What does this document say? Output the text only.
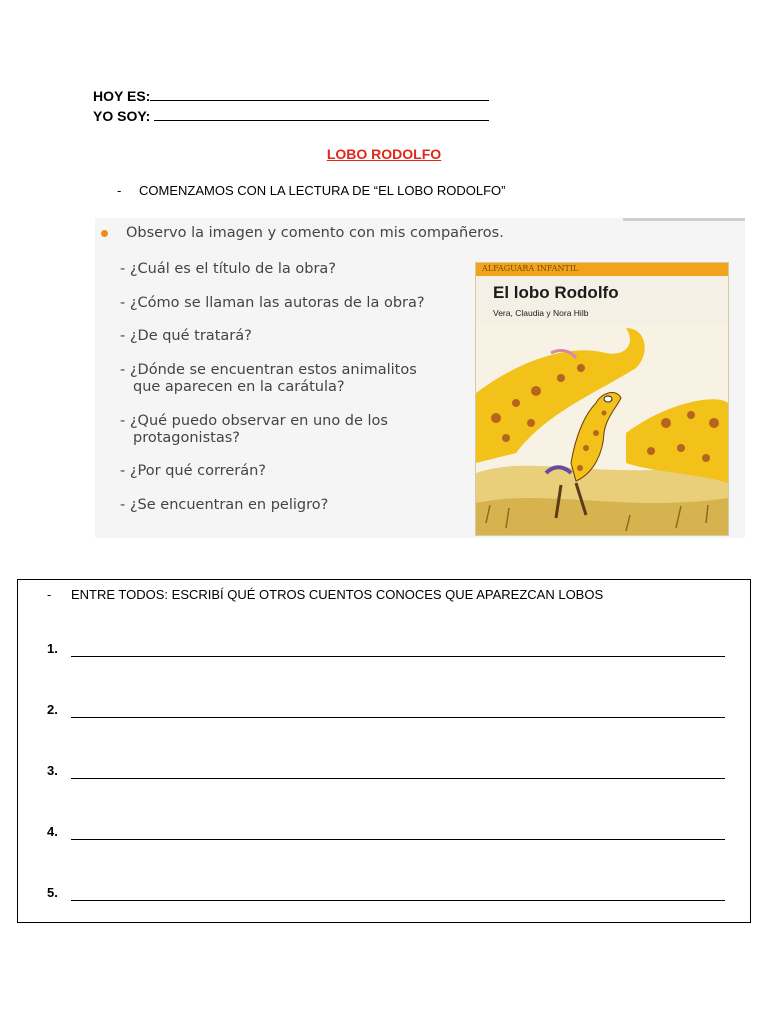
HOY ES:
YO SOY:
LOBO RODOLFO
- COMENZAMOS CON LA LECTURA DE “EL LOBO RODOLFO”
Observo la imagen y comento con mis compañeros.
- ¿Cuál es el título de la obra?
- ¿Cómo se llaman las autoras de la obra?
- ¿De qué tratará?
- ¿Dónde se encuentran estos animalitos
que aparecen en la carátula?
- ¿Qué puedo observar en uno de los
protagonistas?
- ¿Por qué correrán?
- ¿Se encuentran en peligro?
ALFAGUARA INFANTIL
El lobo Rodolfo
Vera, Claudia y Nora Hilb
- ENTRE TODOS: ESCRIBÍ QUÉ OTROS CUENTOS CONOCES QUE APAREZCAN LOBOS
1.
2.
3.
4.
5.
